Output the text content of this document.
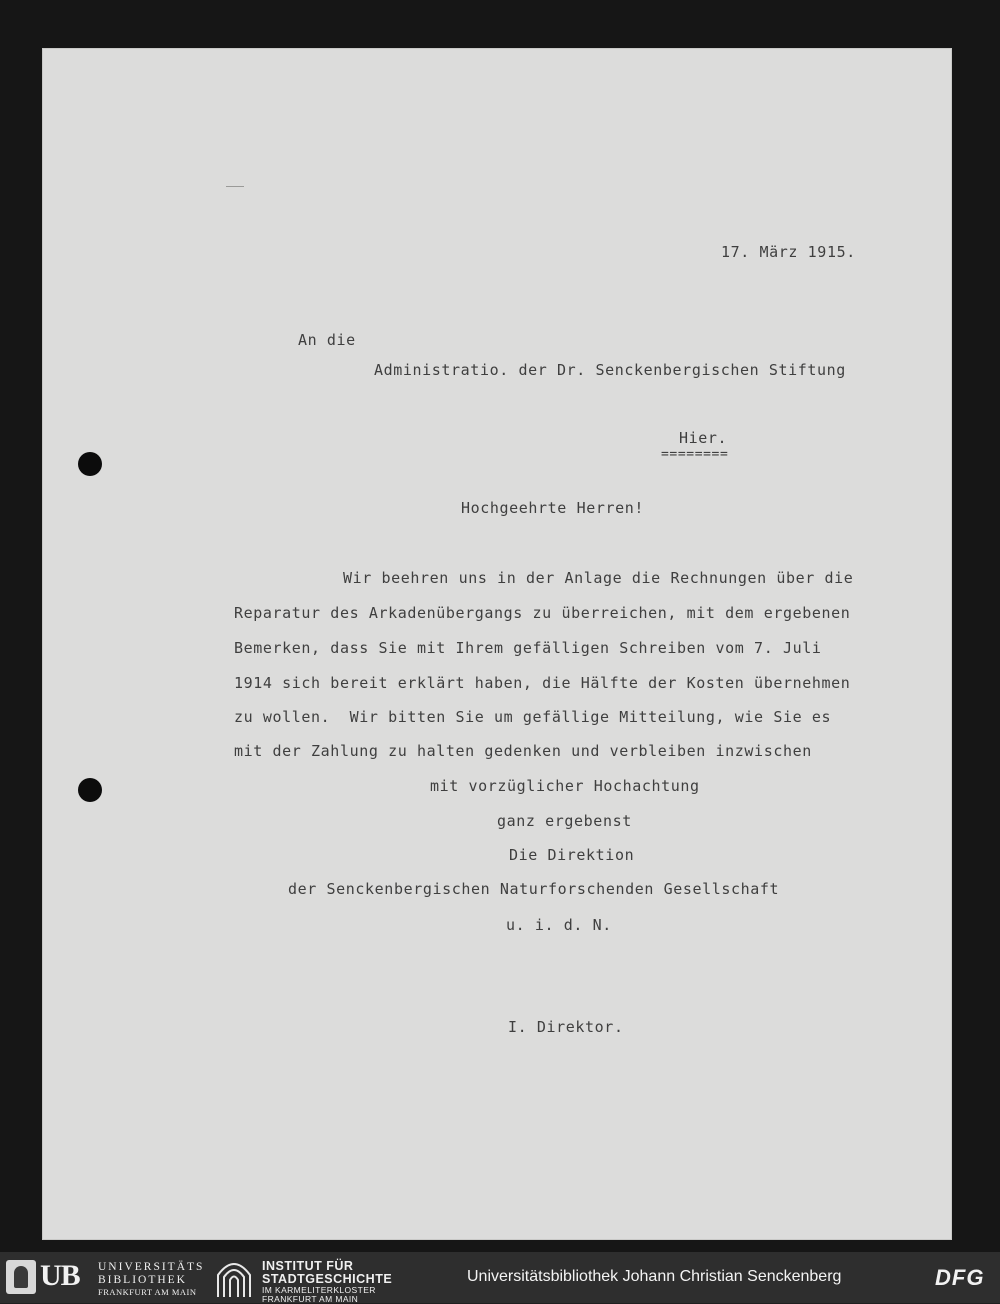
17. März 1915.
An die
Administratio. der Dr. Senckenbergischen Stiftung
Hier.
========
Hochgeehrte Herren!
Wir beehren uns in der Anlage die Rechnungen über die
Reparatur des Arkadenübergangs zu überreichen, mit dem ergebenen
Bemerken, dass Sie mit Ihrem gefälligen Schreiben vom 7. Juli
1914 sich bereit erklärt haben, die Hälfte der Kosten übernehmen
zu wollen.  Wir bitten Sie um gefällige Mitteilung, wie Sie es
mit der Zahlung zu halten gedenken und verbleiben inzwischen
mit vorzüglicher Hochachtung
ganz ergebenst
Die Direktion
der Senckenbergischen Naturforschenden Gesellschaft
u. i. d. N.
I. Direktor.
UB UNIVERSITÄTS
BIBLIOTHEK
FRANKFURT AM MAIN
INSTITUT FÜR
STADTGESCHICHTE
IM KARMELITERKLOSTER
FRANKFURT AM MAIN
Universitätsbibliothek Johann Christian Senckenberg	DFG
